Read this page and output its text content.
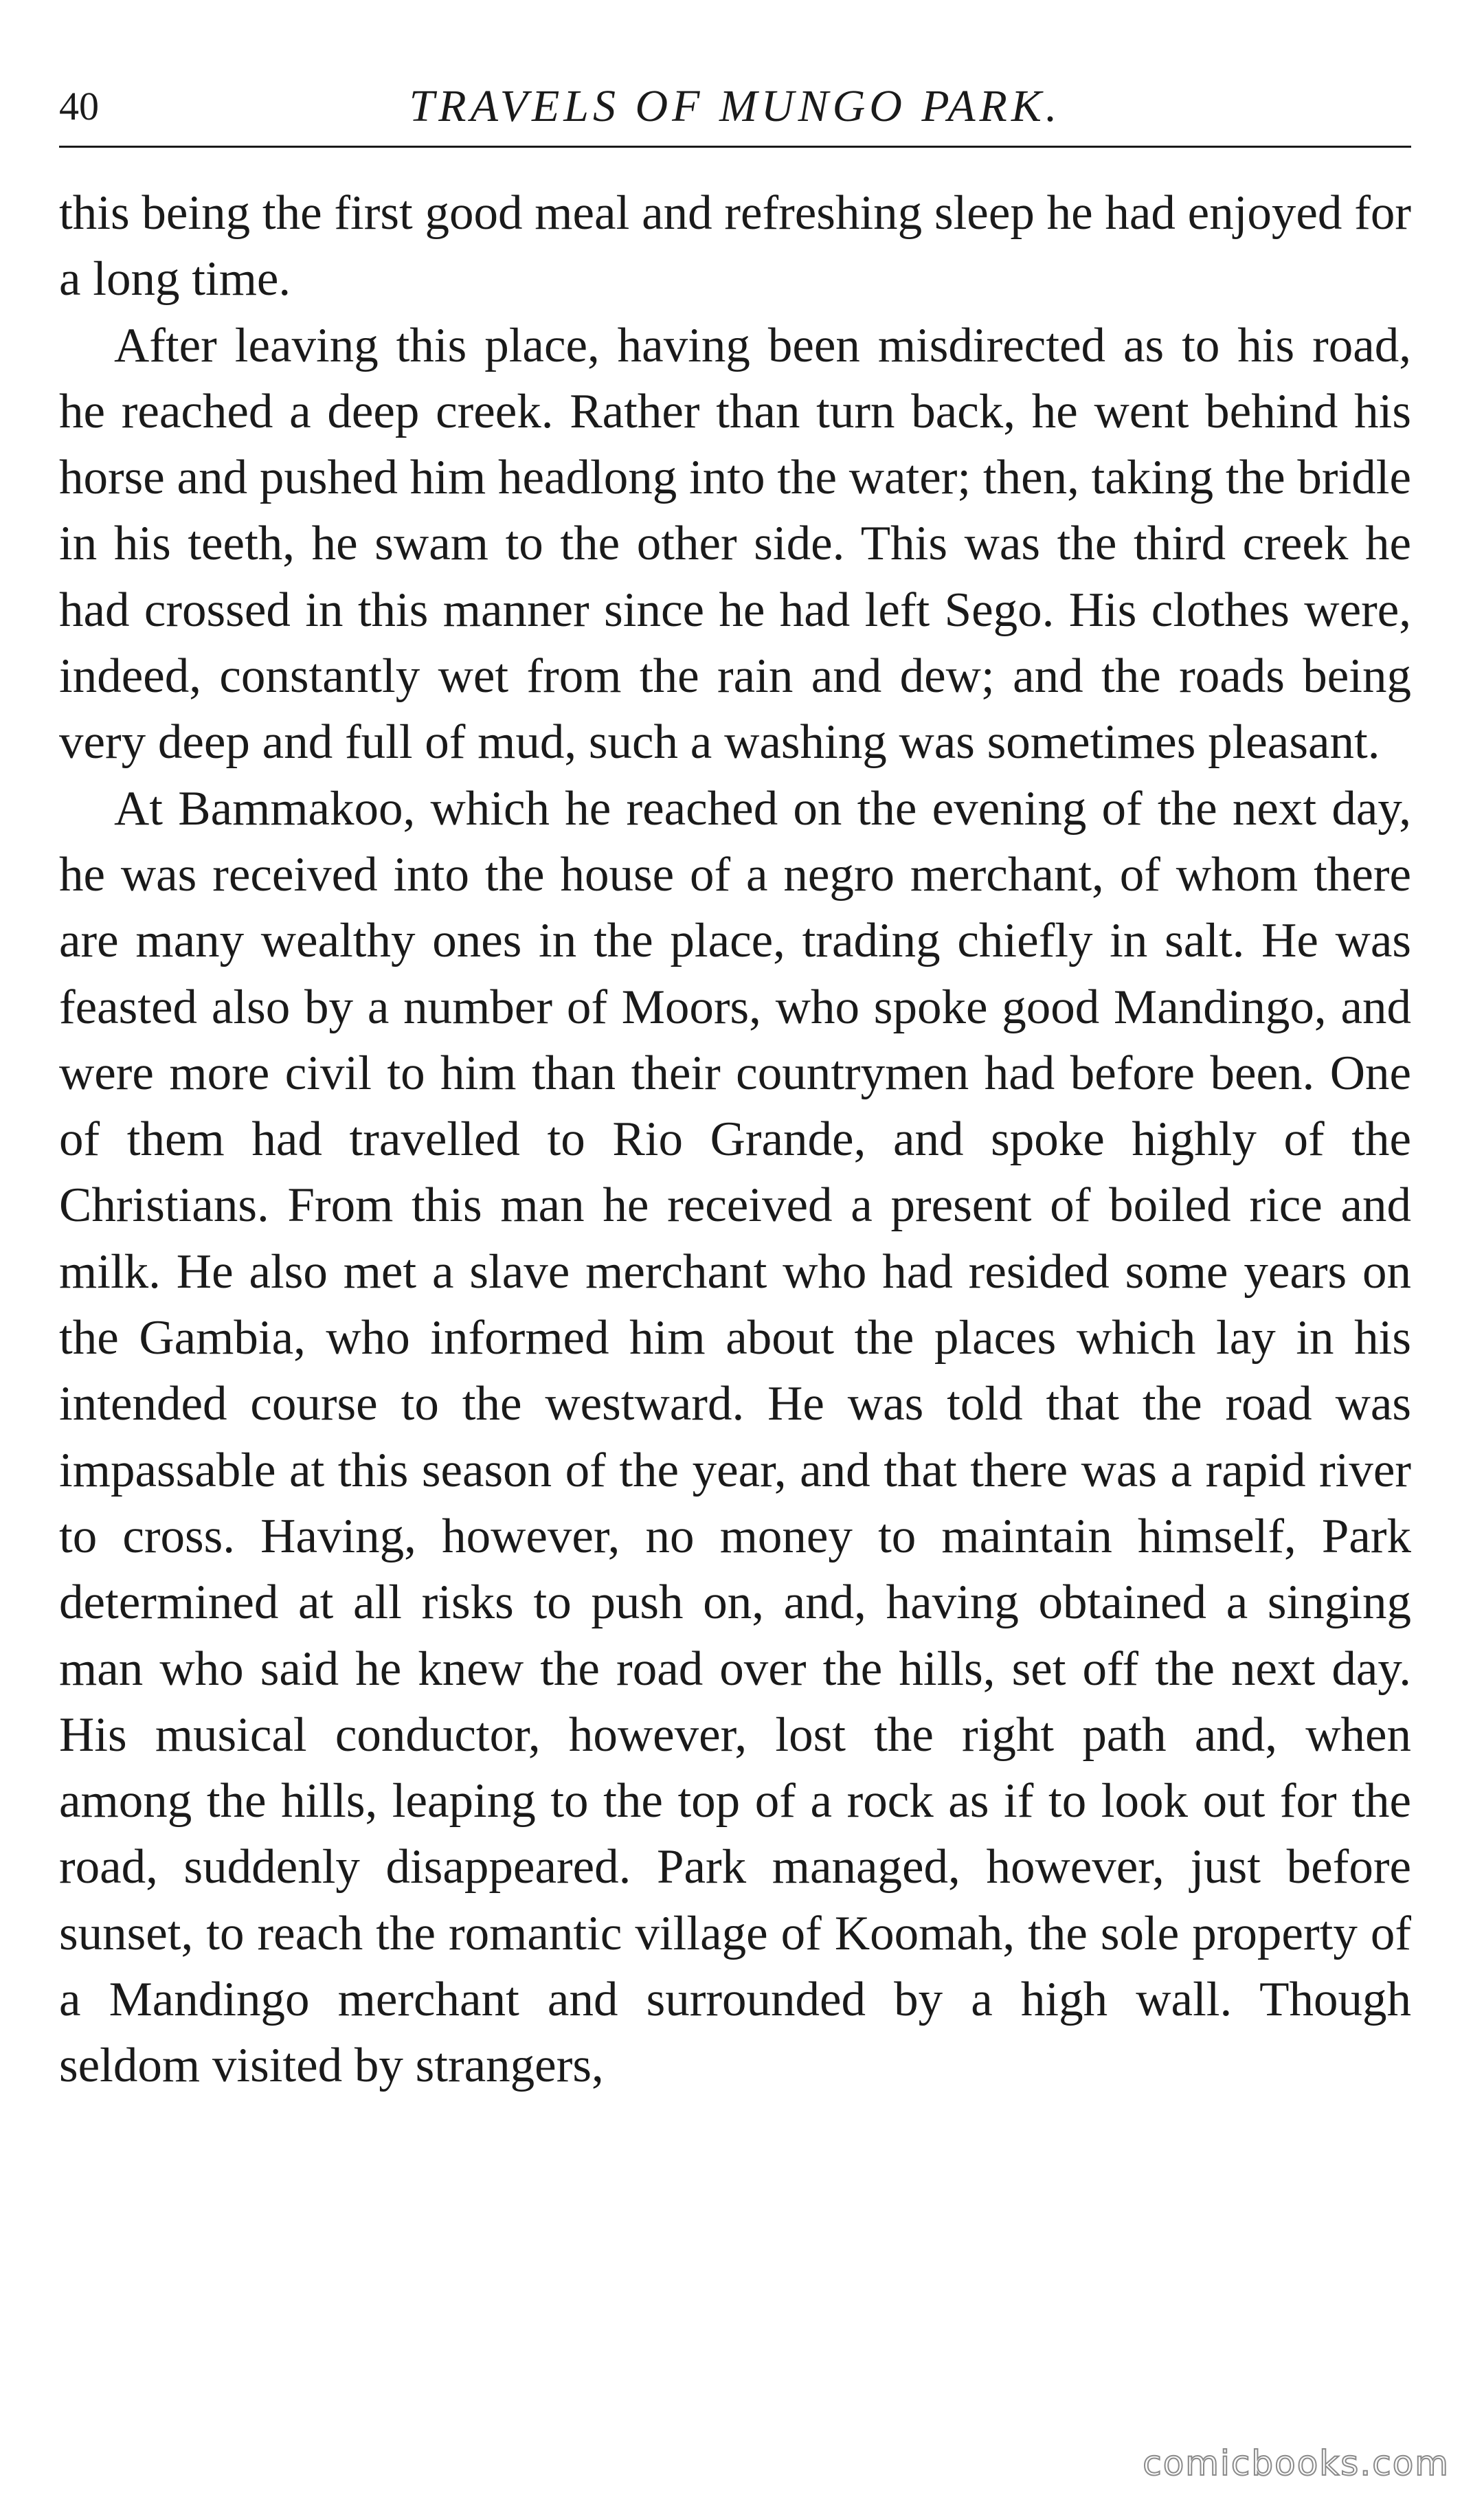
40	TRAVELS OF MUNGO PARK.

this being the first good meal and refreshing sleep he had enjoyed for a long time.

After leaving this place, having been misdirected as to his road, he reached a deep creek. Rather than turn back, he went behind his horse and pushed him headlong into the water; then, taking the bridle in his teeth, he swam to the other side. This was the third creek he had crossed in this manner since he had left Sego. His clothes were, indeed, constantly wet from the rain and dew; and the roads being very deep and full of mud, such a washing was sometimes pleasant.

At Bammakoo, which he reached on the evening of the next day, he was received into the house of a negro merchant, of whom there are many wealthy ones in the place, trading chiefly in salt. He was feasted also by a number of Moors, who spoke good Mandingo, and were more civil to him than their countrymen had before been. One of them had travelled to Rio Grande, and spoke highly of the Christians. From this man he received a present of boiled rice and milk. He also met a slave merchant who had resided some years on the Gambia, who informed him about the places which lay in his intended course to the westward. He was told that the road was impassable at this season of the year, and that there was a rapid river to cross. Having, however, no money to maintain himself, Park determined at all risks to push on, and, having obtained a singing man who said he knew the road over the hills, set off the next day. His musical conductor, however, lost the right path and, when among the hills, leaping to the top of a rock as if to look out for the road, suddenly disappeared. Park managed, however, just before sunset, to reach the romantic village of Koomah, the sole property of a Mandingo merchant and surrounded by a high wall. Though seldom visited by strangers,

comicbooks.com
